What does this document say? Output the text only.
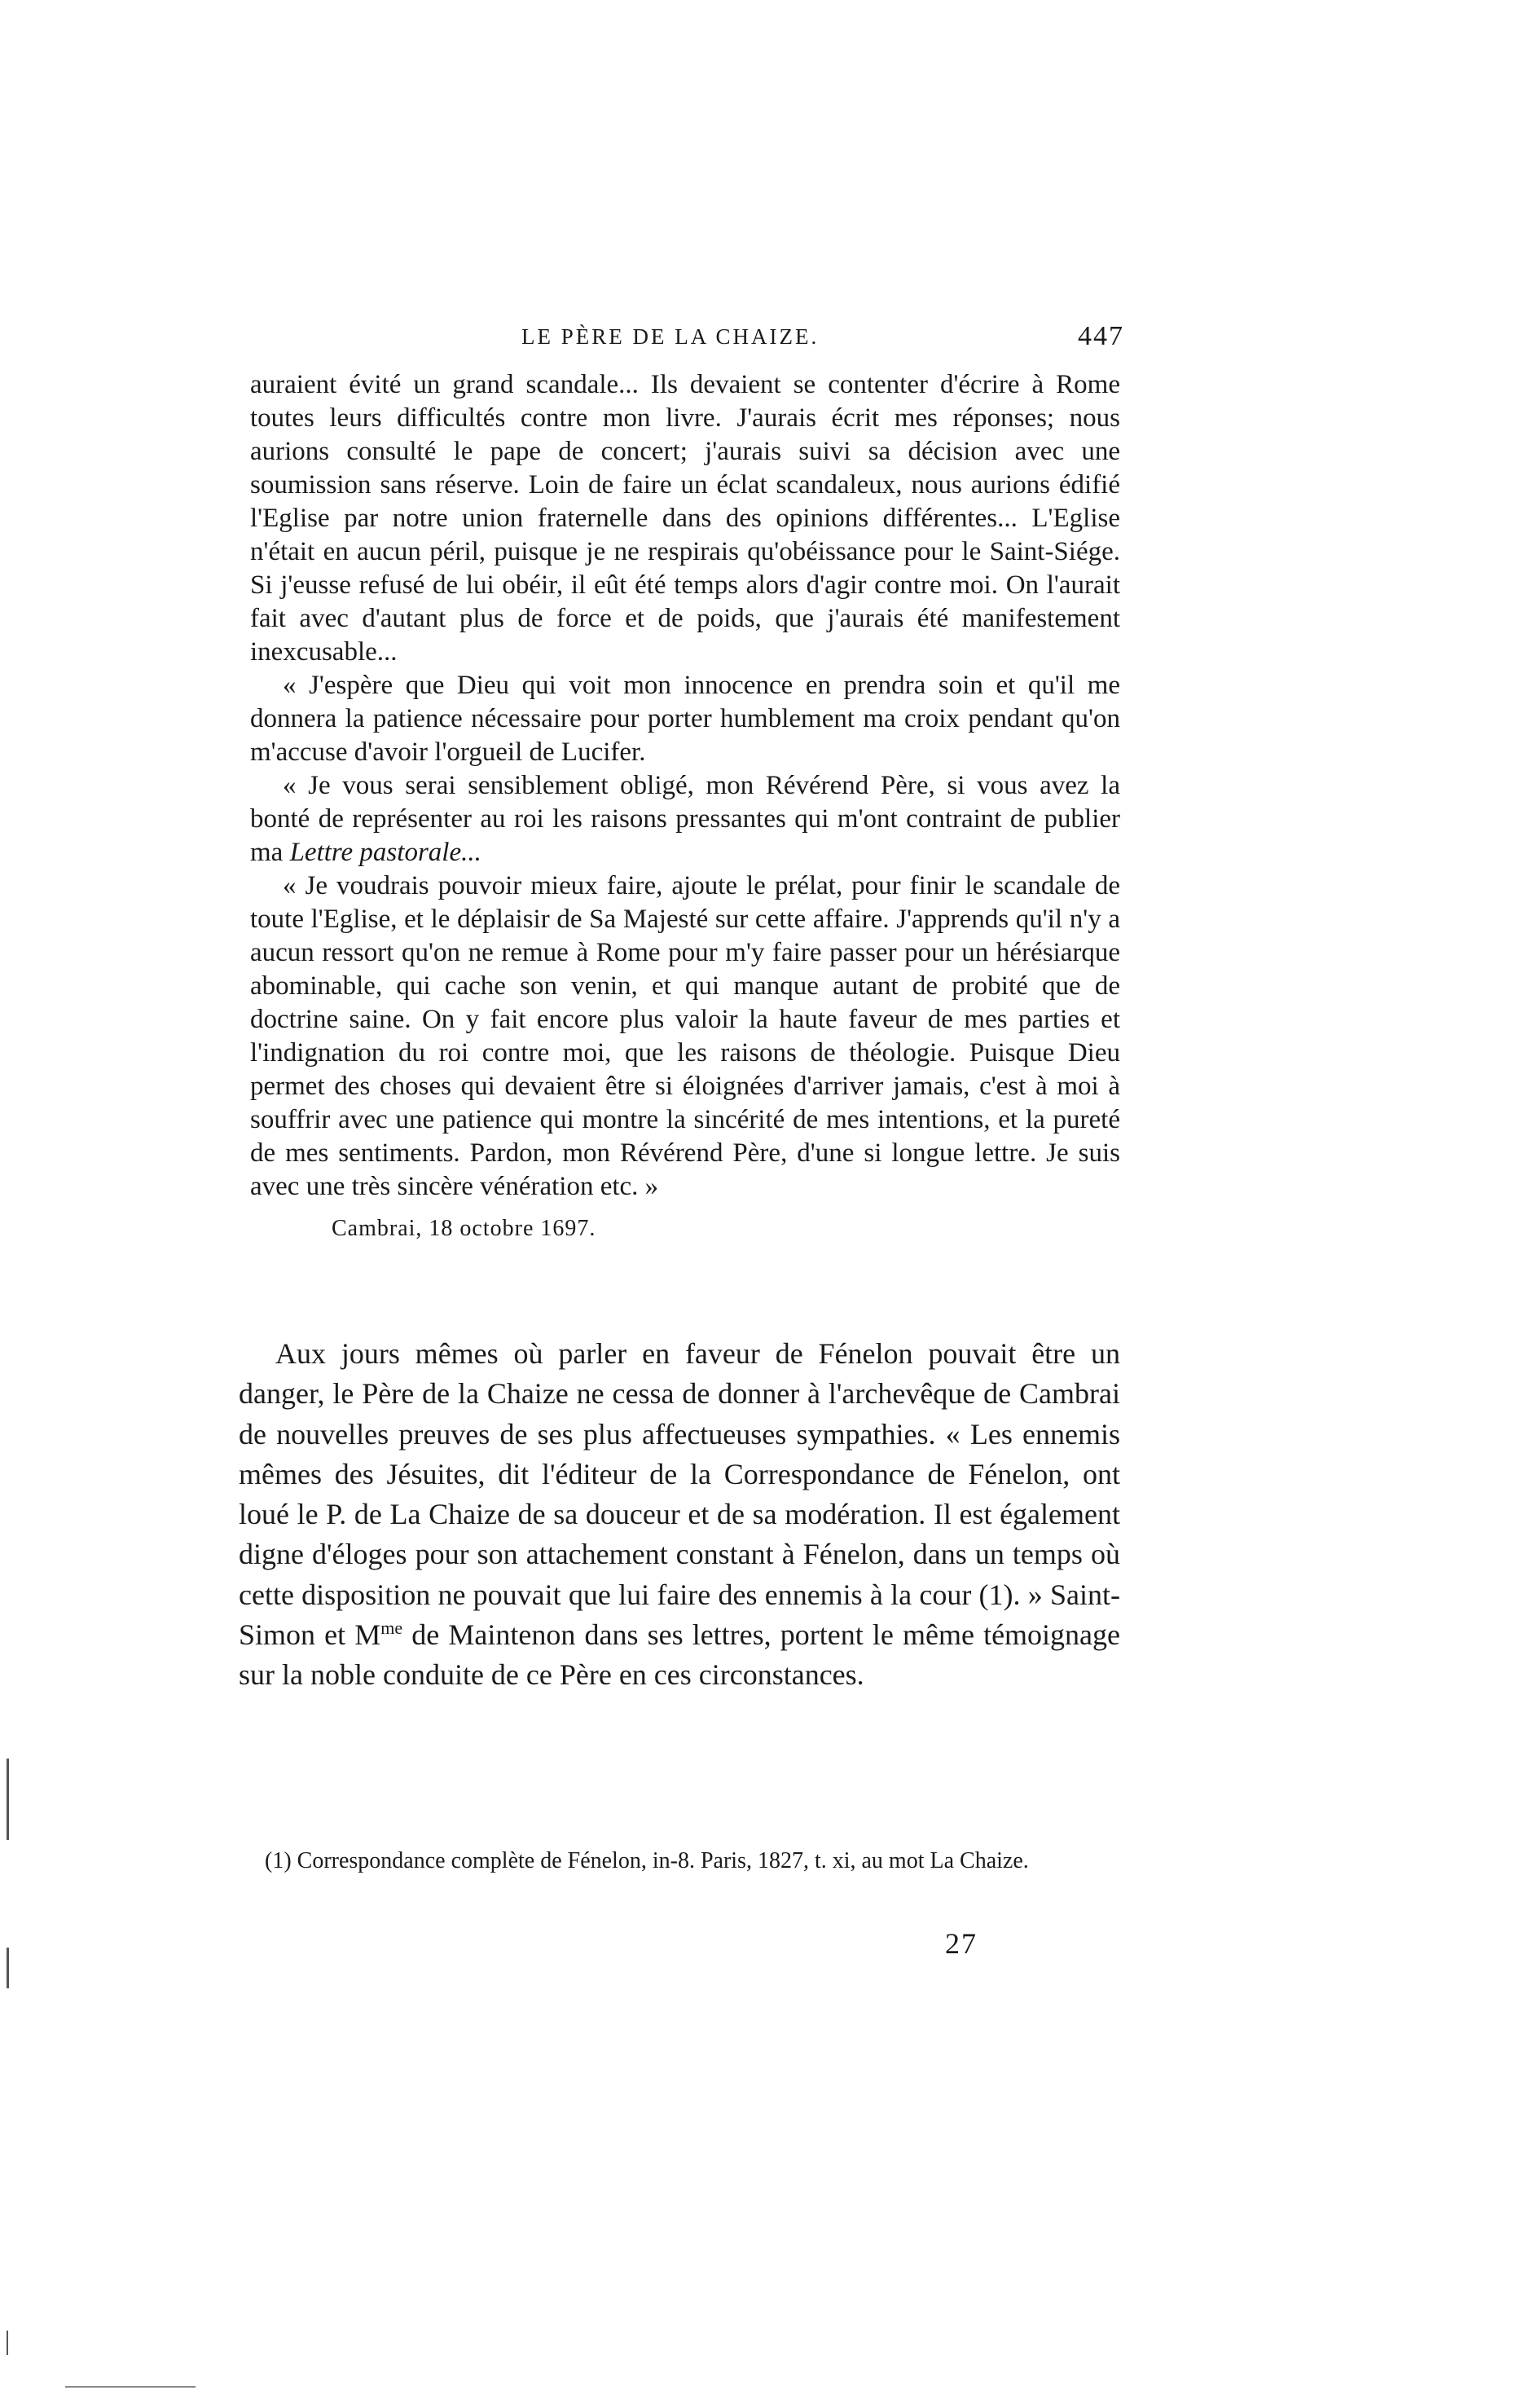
LE PÈRE DE LA CHAIZE.	447

auraient évité un grand scandale... Ils devaient se contenter d'écrire à Rome toutes leurs difficultés contre mon livre. J'aurais écrit mes réponses; nous aurions consulté le pape de concert; j'aurais suivi sa décision avec une soumission sans réserve. Loin de faire un éclat scandaleux, nous aurions édifié l'Eglise par notre union fraternelle dans des opinions différentes... L'Eglise n'était en aucun péril, puisque je ne respirais qu'obéissance pour le Saint-Siége. Si j'eusse refusé de lui obéir, il eût été temps alors d'agir contre moi. On l'aurait fait avec d'autant plus de force et de poids, que j'aurais été manifestement inexcusable...

« J'espère que Dieu qui voit mon innocence en prendra soin et qu'il me donnera la patience nécessaire pour porter humblement ma croix pendant qu'on m'accuse d'avoir l'orgueil de Lucifer.

« Je vous serai sensiblement obligé, mon Révérend Père, si vous avez la bonté de représenter au roi les raisons pressantes qui m'ont contraint de publier ma Lettre pastorale...

« Je voudrais pouvoir mieux faire, ajoute le prélat, pour finir le scandale de toute l'Eglise, et le déplaisir de Sa Majesté sur cette affaire. J'apprends qu'il n'y a aucun ressort qu'on ne remue à Rome pour m'y faire passer pour un hérésiarque abominable, qui cache son venin, et qui manque autant de probité que de doctrine saine. On y fait encore plus valoir la haute faveur de mes parties et l'indignation du roi contre moi, que les raisons de théologie. Puisque Dieu permet des choses qui devaient être si éloignées d'arriver jamais, c'est à moi à souffrir avec une patience qui montre la sincérité de mes intentions, et la pureté de mes sentiments. Pardon, mon Révérend Père, d'une si longue lettre. Je suis avec une très sincère vénération etc. »

Cambrai, 18 octobre 1697.

Aux jours mêmes où parler en faveur de Fénelon pouvait être un danger, le Père de la Chaize ne cessa de donner à l'archevêque de Cambrai de nouvelles preuves de ses plus affectueuses sympathies. « Les ennemis mêmes des Jésuites, dit l'éditeur de la Correspondance de Fénelon, ont loué le P. de La Chaize de sa douceur et de sa modération. Il est également digne d'éloges pour son attachement constant à Fénelon, dans un temps où cette disposition ne pouvait que lui faire des ennemis à la cour (1). » Saint-Simon et $M^{me}$ de Maintenon dans ses lettres, portent le même témoignage sur la noble conduite de ce Père en ces circonstances.

(1) Correspondance complète de Fénelon, in-8. Paris, 1827, t. xi, au mot La Chaize.
27
